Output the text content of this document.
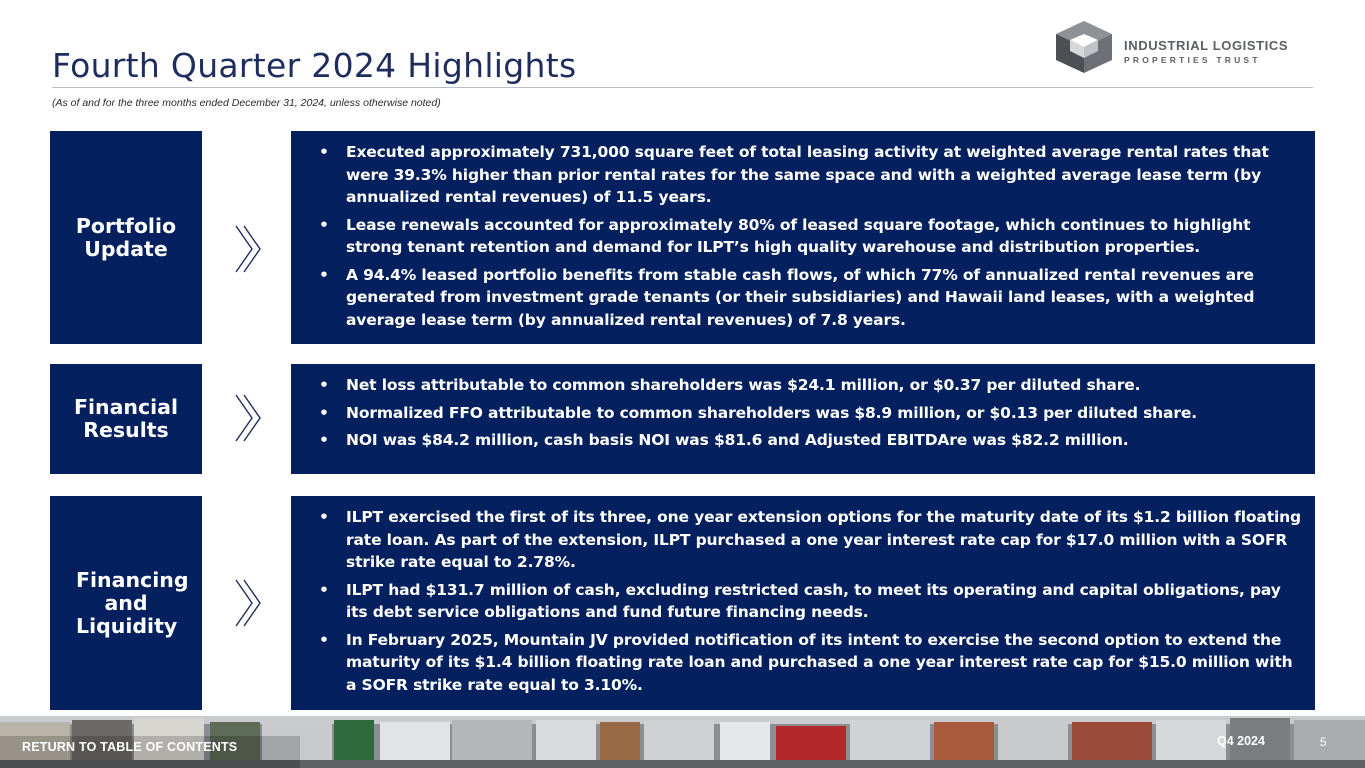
Fourth Quarter 2024 Highlights
(As of and for the three months ended December 31, 2024, unless otherwise noted)
INDUSTRIAL LOGISTICS
PROPERTIES TRUST
Portfolio Update
• Executed approximately 731,000 square feet of total leasing activity at weighted average rental rates that were 39.3% higher than prior rental rates for the same space and with a weighted average lease term (by annualized rental revenues) of 11.5 years.
• Lease renewals accounted for approximately 80% of leased square footage, which continues to highlight strong tenant retention and demand for ILPT’s high quality warehouse and distribution properties.
• A 94.4% leased portfolio benefits from stable cash flows, of which 77% of annualized rental revenues are generated from investment grade tenants (or their subsidiaries) and Hawaii land leases, with a weighted average lease term (by annualized rental revenues) of 7.8 years.
Financial Results
• Net loss attributable to common shareholders was $24.1 million, or $0.37 per diluted share.
• Normalized FFO attributable to common shareholders was $8.9 million, or $0.13 per diluted share.
• NOI was $84.2 million, cash basis NOI was $81.6 and Adjusted EBITDAre was $82.2 million.
Financing and Liquidity
• ILPT exercised the first of its three, one year extension options for the maturity date of its $1.2 billion floating rate loan. As part of the extension, ILPT purchased a one year interest rate cap for $17.0 million with a SOFR strike rate equal to 2.78%.
• ILPT had $131.7 million of cash, excluding restricted cash, to meet its operating and capital obligations, pay its debt service obligations and fund future financing needs.
• In February 2025, Mountain JV provided notification of its intent to exercise the second option to extend the maturity of its $1.4 billion floating rate loan and purchased a one year interest rate cap for $15.0 million with a SOFR strike rate equal to 3.10%.
RETURN TO TABLE OF CONTENTS	Q4 2024	5
